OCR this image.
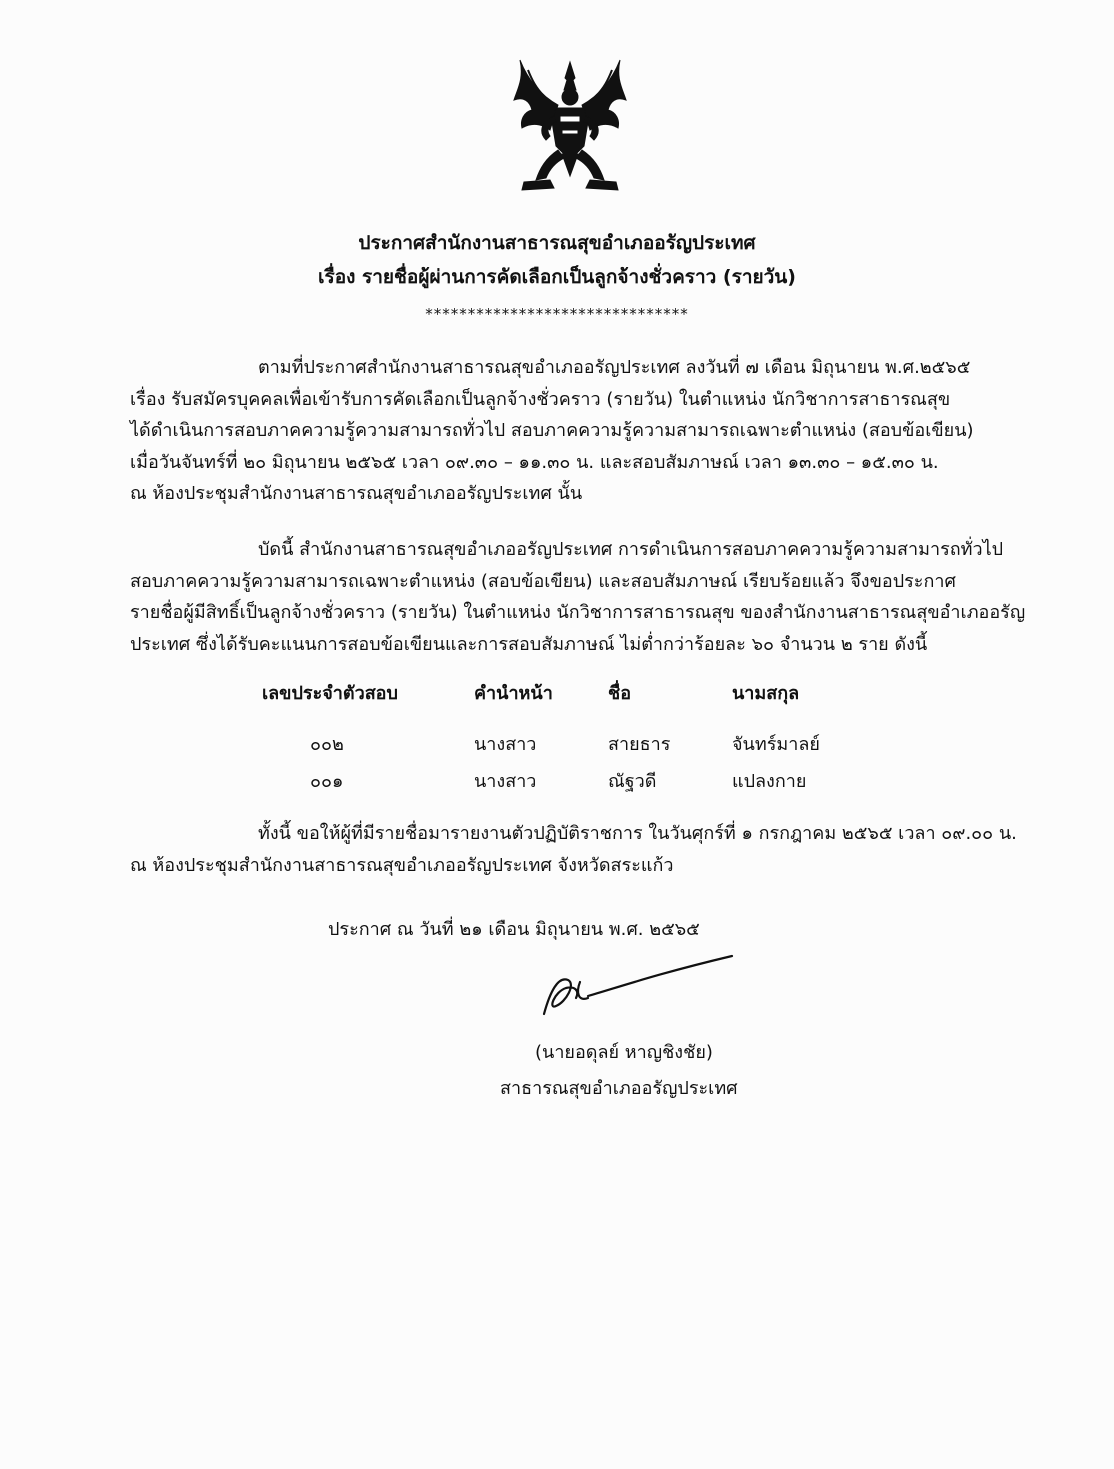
ประกาศสำนักงานสาธารณสุขอำเภออรัญประเทศ
เรื่อง รายชื่อผู้ผ่านการคัดเลือกเป็นลูกจ้างชั่วคราว (รายวัน)
*******************************
ตามที่ประกาศสำนักงานสาธารณสุขอำเภออรัญประเทศ ลงวันที่ ๗ เดือน มิถุนายน พ.ศ.๒๕๖๕
เรื่อง รับสมัครบุคคลเพื่อเข้ารับการคัดเลือกเป็นลูกจ้างชั่วคราว (รายวัน) ในตำแหน่ง นักวิชาการสาธารณสุข
ได้ดำเนินการสอบภาคความรู้ความสามารถทั่วไป สอบภาคความรู้ความสามารถเฉพาะตำแหน่ง (สอบข้อเขียน)
เมื่อวันจันทร์ที่ ๒๐ มิถุนายน ๒๕๖๕ เวลา ๐๙.๓๐ – ๑๑.๓๐ น. และสอบสัมภาษณ์ เวลา ๑๓.๓๐ – ๑๕.๓๐ น.
ณ ห้องประชุมสำนักงานสาธารณสุขอำเภออรัญประเทศ นั้น
บัดนี้ สำนักงานสาธารณสุขอำเภออรัญประเทศ การดำเนินการสอบภาคความรู้ความสามารถทั่วไป
สอบภาคความรู้ความสามารถเฉพาะตำแหน่ง (สอบข้อเขียน) และสอบสัมภาษณ์ เรียบร้อยแล้ว จึงขอประกาศ
รายชื่อผู้มีสิทธิ์เป็นลูกจ้างชั่วคราว (รายวัน) ในตำแหน่ง นักวิชาการสาธารณสุข ของสำนักงานสาธารณสุขอำเภออรัญ
ประเทศ ซึ่งได้รับคะแนนการสอบข้อเขียนและการสอบสัมภาษณ์ ไม่ต่ำกว่าร้อยละ ๖๐ จำนวน ๒ ราย ดังนี้
เลขประจำตัวสอบ	คำนำหน้า	ชื่อ	นามสกุล
๐๐๒	นางสาว	สายธาร	จันทร์มาลย์
๐๐๑	นางสาว	ณัฐวดี	แปลงกาย
ทั้งนี้ ขอให้ผู้ที่มีรายชื่อมารายงานตัวปฏิบัติราชการ ในวันศุกร์ที่ ๑ กรกฎาคม ๒๕๖๕ เวลา ๐๙.๐๐ น.
ณ ห้องประชุมสำนักงานสาธารณสุขอำเภออรัญประเทศ จังหวัดสระแก้ว
ประกาศ ณ วันที่ ๒๑ เดือน มิถุนายน พ.ศ. ๒๕๖๕
(นายอดุลย์ หาญชิงชัย)
สาธารณสุขอำเภออรัญประเทศ
